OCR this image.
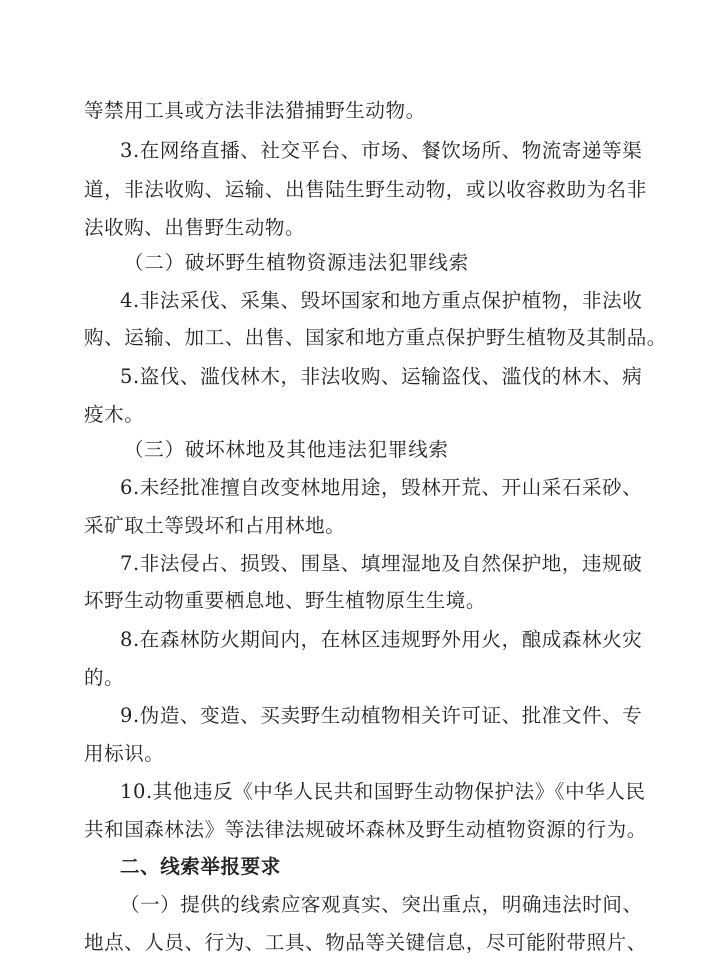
等禁用工具或方法非法猎捕野生动物。
3.在网络直播、社交平台、市场、餐饮场所、物流寄递等渠
道，非法收购、运输、出售陆生野生动物，或以收容救助为名非
法收购、出售野生动物。
（二）破坏野生植物资源违法犯罪线索
4.非法采伐、采集、毁坏国家和地方重点保护植物，非法收
购、运输、加工、出售、国家和地方重点保护野生植物及其制品。
5.盗伐、滥伐林木，非法收购、运输盗伐、滥伐的林木、病
疫木。
（三）破坏林地及其他违法犯罪线索
6.未经批准擅自改变林地用途，毁林开荒、开山采石采砂、
采矿取土等毁坏和占用林地。
7.非法侵占、损毁、围垦、填埋湿地及自然保护地，违规破
坏野生动物重要栖息地、野生植物原生生境。
8.在森林防火期间内，在林区违规野外用火，酿成森林火灾
的。
9.伪造、变造、买卖野生动植物相关许可证、批准文件、专
用标识。
10.其他违反《中华人民共和国野生动物保护法》《中华人民
共和国森林法》等法律法规破坏森林及野生动植物资源的行为。
二、线索举报要求
（一）提供的线索应客观真实、突出重点，明确违法时间、
地点、人员、行为、工具、物品等关键信息，尽可能附带照片、
